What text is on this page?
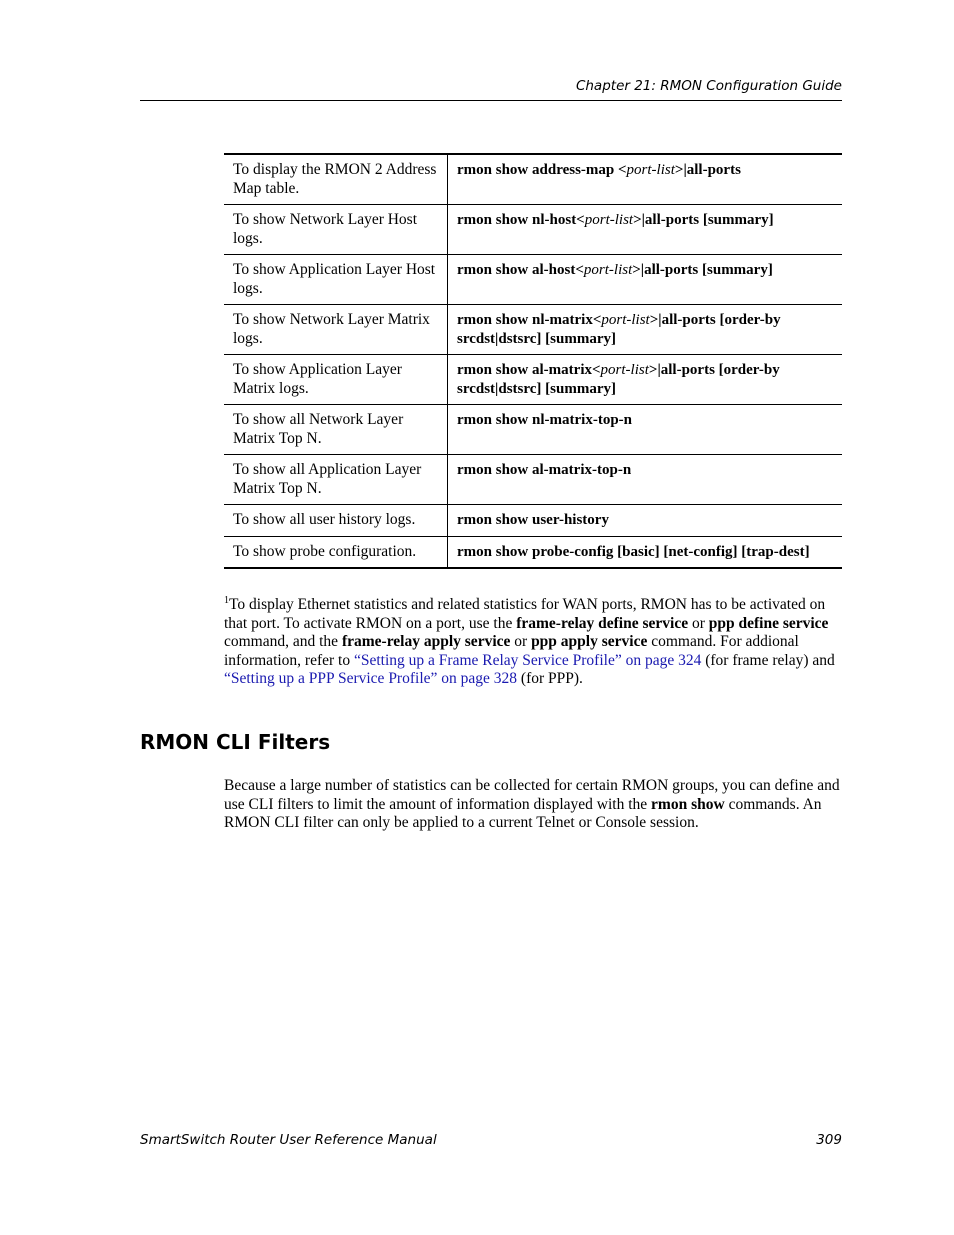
Chapter 21: RMON Configuration Guide
To display the RMON 2 Address Map table.	rmon show address-map <port-list>|all-ports
To show Network Layer Host logs.	rmon show nl-host<port-list>|all-ports [summary]
To show Application Layer Host logs.	rmon show al-host<port-list>|all-ports [summary]
To show Network Layer Matrix logs.	rmon show nl-matrix<port-list>|all-ports [order-by srcdst|dstsrc] [summary]
To show Application Layer Matrix logs.	rmon show al-matrix<port-list>|all-ports [order-by srcdst|dstsrc] [summary]
To show all Network Layer Matrix Top N.	rmon show nl-matrix-top-n
To show all Application Layer Matrix Top N.	rmon show al-matrix-top-n
To show all user history logs.	rmon show user-history
To show probe configuration.	rmon show probe-config [basic] [net-config] [trap-dest]
$^1$To display Ethernet statistics and related statistics for WAN ports, RMON has to be activated on that port. To activate RMON on a port, use the frame-relay define service or ppp define service command, and the frame-relay apply service or ppp apply service command. For addional information, refer to “Setting up a Frame Relay Service Profile” on page 324 (for frame relay) and “Setting up a PPP Service Profile” on page 328 (for PPP).
RMON CLI Filters
Because a large number of statistics can be collected for certain RMON groups, you can define and use CLI filters to limit the amount of information displayed with the rmon show commands. An RMON CLI filter can only be applied to a current Telnet or Console session.
SmartSwitch Router User Reference Manual	309
